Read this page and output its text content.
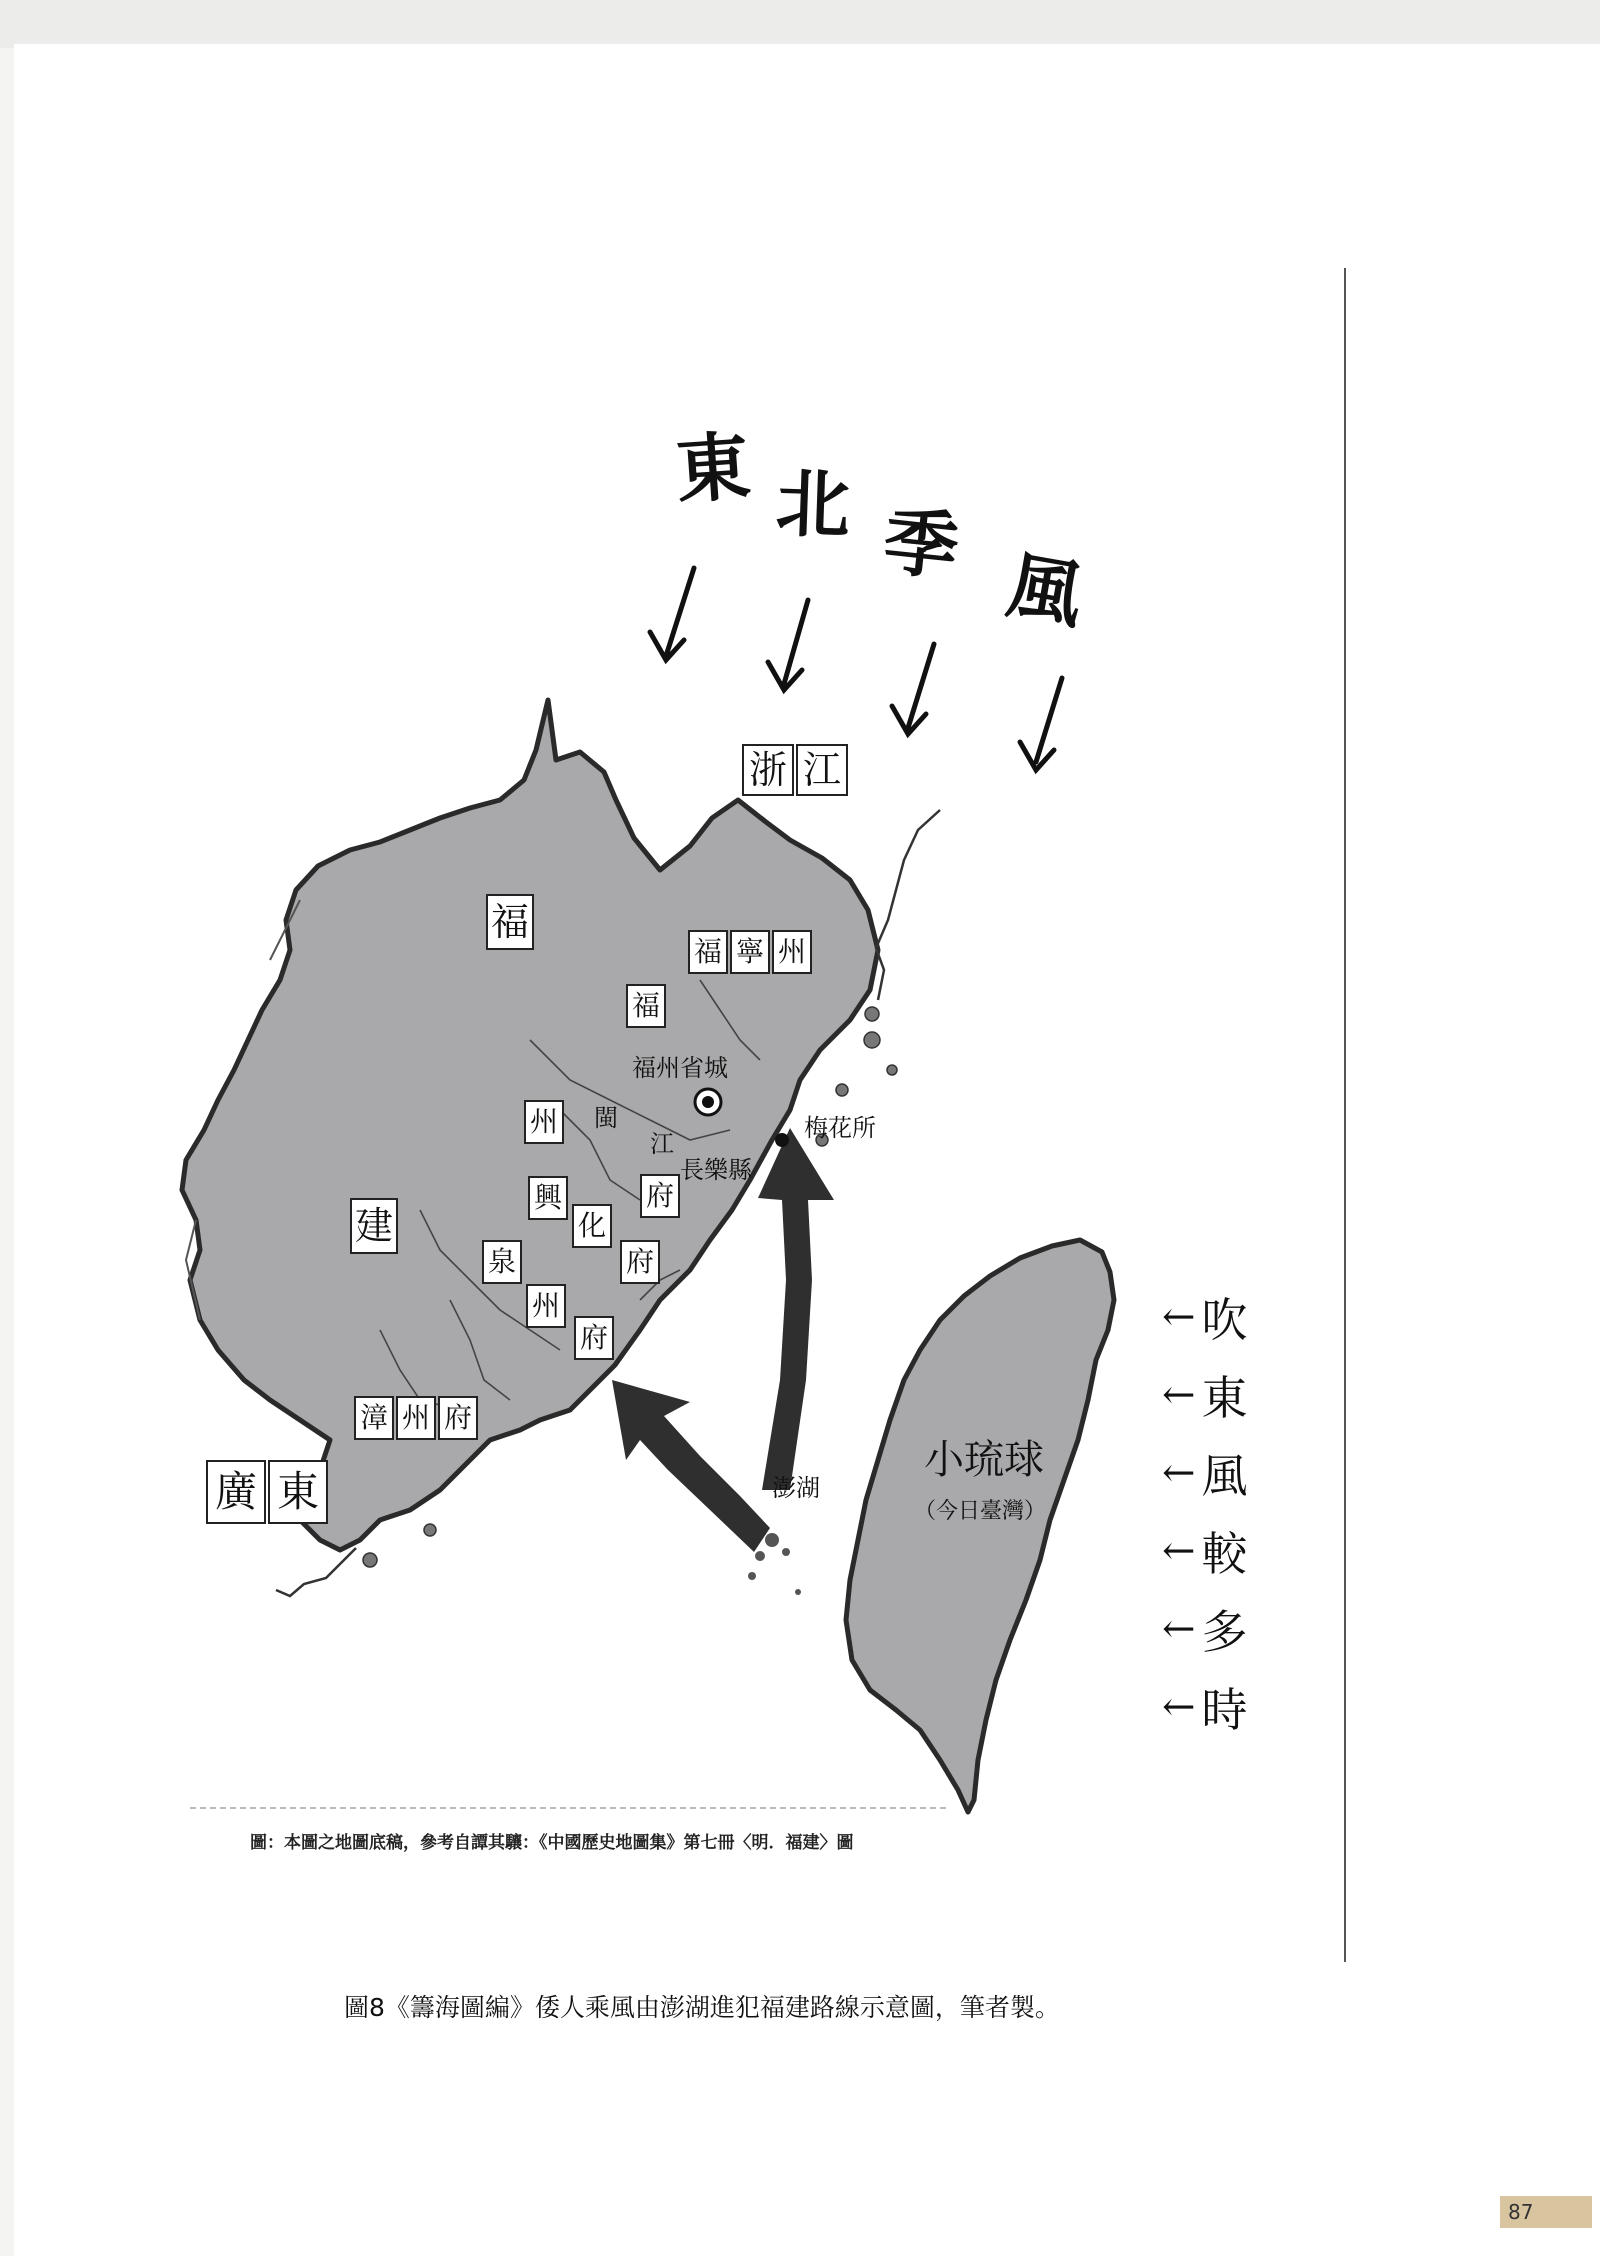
東 北 季 風
浙 江
福
建
廣 東
福 寧 州
福
州
府
興
化
府
泉
州
府
漳 州 府
福州省城
閩
江
梅花所
長樂縣
澎湖
小琉球
（今日臺灣）
← 吹
← 東
← 風
← 較
← 多
← 時
圖：本圖之地圖底稿，參考自譚其驤：《中國歷史地圖集》第七冊〈明．福建〉圖
圖8《籌海圖編》倭人乘風由澎湖進犯福建路線示意圖，筆者製。
87
